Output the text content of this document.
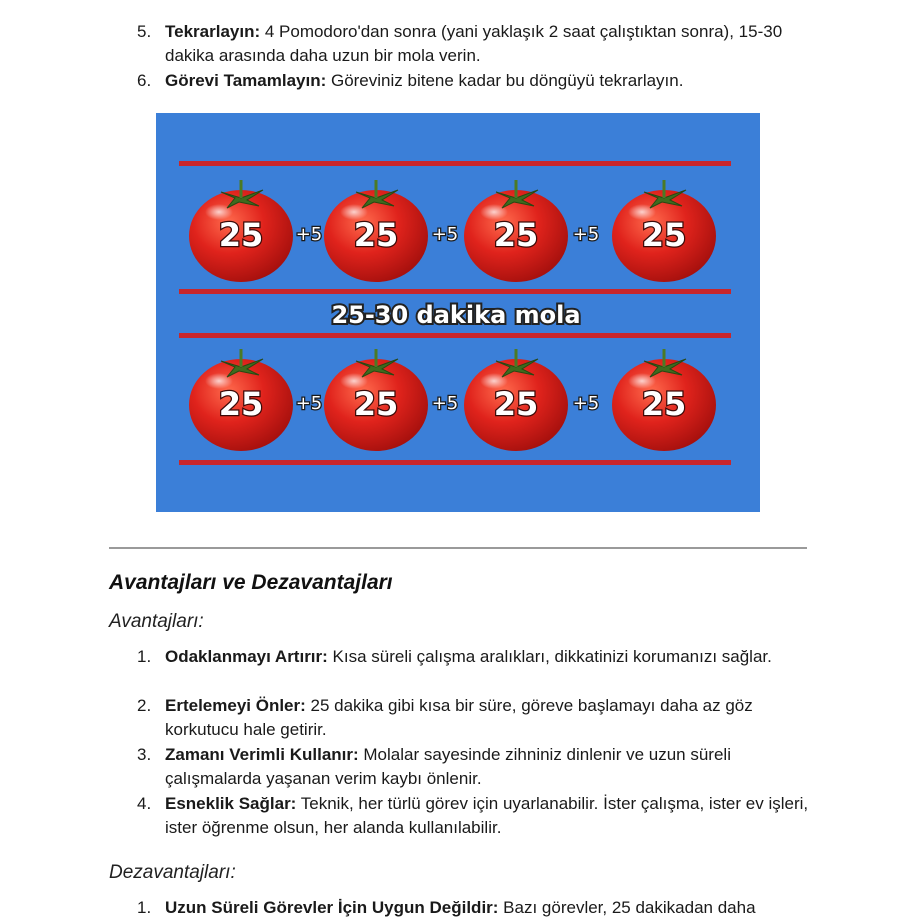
5. Tekrarlayın: 4 Pomodoro'dan sonra (yani yaklaşık 2 saat çalıştıktan sonra), 15-30 dakika arasında daha uzun bir mola verin.
6. Görevi Tamamlayın: Göreviniz bitene kadar bu döngüyü tekrarlayın.
25	25	25	25
+5	+5	+5
25	25	25	25
+5	+5	+5
25-30 dakika mola
Avantajları ve Dezavantajları
Avantajları:
1. Odaklanmayı Artırır: Kısa süreli çalışma aralıkları, dikkatinizi korumanızı sağlar.
2. Ertelemeyi Önler: 25 dakika gibi kısa bir süre, göreve başlamayı daha az göz korkutucu hale getirir.
3. Zamanı Verimli Kullanır: Molalar sayesinde zihniniz dinlenir ve uzun süreli çalışmalarda yaşanan verim kaybı önlenir.
4. Esneklik Sağlar: Teknik, her türlü görev için uyarlanabilir. İster çalışma, ister ev işleri, ister öğrenme olsun, her alanda kullanılabilir.
Dezavantajları:
1. Uzun Süreli Görevler İçin Uygun Değildir: Bazı görevler, 25 dakikadan daha
